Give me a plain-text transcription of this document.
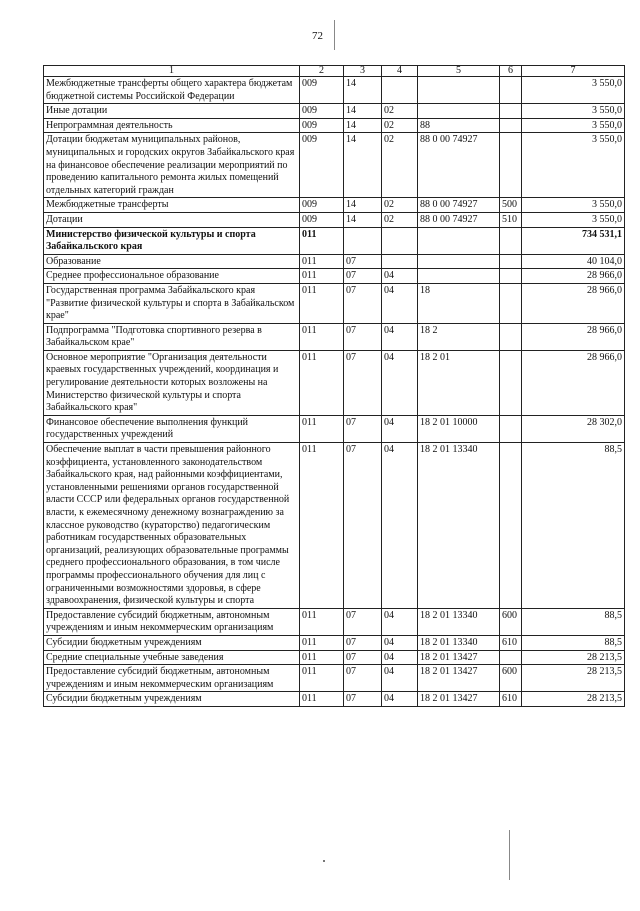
72
1	2	3	4	5	6	7
Межбюджетные трансферты общего характера бюджетам бюджетной системы Российской Федерации	009	14				3 550,0
Иные дотации	009	14	02			3 550,0
Непрограммная деятельность	009	14	02	88		3 550,0
Дотации бюджетам муниципальных районов, муниципальных и городских округов Забайкальского края на финансовое обеспечение реализации мероприятий по проведению капитального ремонта жилых помещений отдельных категорий граждан	009	14	02	88 0 00 74927		3 550,0
Межбюджетные трансферты	009	14	02	88 0 00 74927	500	3 550,0
Дотации	009	14	02	88 0 00 74927	510	3 550,0
Министерство физической культуры и спорта Забайкальского края	011					734 531,1
Образование	011	07				40 104,0
Среднее профессиональное образование	011	07	04			28 966,0
Государственная программа Забайкальского края "Развитие физической культуры и спорта в Забайкальском крае"	011	07	04	18		28 966,0
Подпрограмма "Подготовка спортивного резерва в Забайкальском крае"	011	07	04	18 2		28 966,0
Основное мероприятие "Организация деятельности краевых государственных учреждений, координация и регулирование деятельности которых возложены на Министерство физической культуры и спорта Забайкальского края"	011	07	04	18 2 01		28 966,0
Финансовое обеспечение выполнения функций государственных учреждений	011	07	04	18 2 01 10000		28 302,0
Обеспечение выплат в части превышения районного коэффициента, установленного законодательством Забайкальского края, над районными коэффициентами, установленными решениями органов государственной власти СССР или федеральных органов государственной власти, к ежемесячному денежному вознаграждению за классное руководство (кураторство) педагогическим работникам государственных образовательных организаций, реализующих образовательные программы среднего профессионального образования, в том числе программы профессионального обучения для лиц с ограниченными возможностями здоровья, в сфере здравоохранения, физической культуры и спорта	011	07	04	18 2 01 13340		88,5
Предоставление субсидий бюджетным, автономным учреждениям и иным некоммерческим организациям	011	07	04	18 2 01 13340	600	88,5
Субсидии бюджетным учреждениям	011	07	04	18 2 01 13340	610	88,5
Средние специальные учебные заведения	011	07	04	18 2 01 13427		28 213,5
Предоставление субсидий бюджетным, автономным учреждениям и иным некоммерческим организациям	011	07	04	18 2 01 13427	600	28 213,5
Субсидии бюджетным учреждениям	011	07	04	18 2 01 13427	610	28 213,5
